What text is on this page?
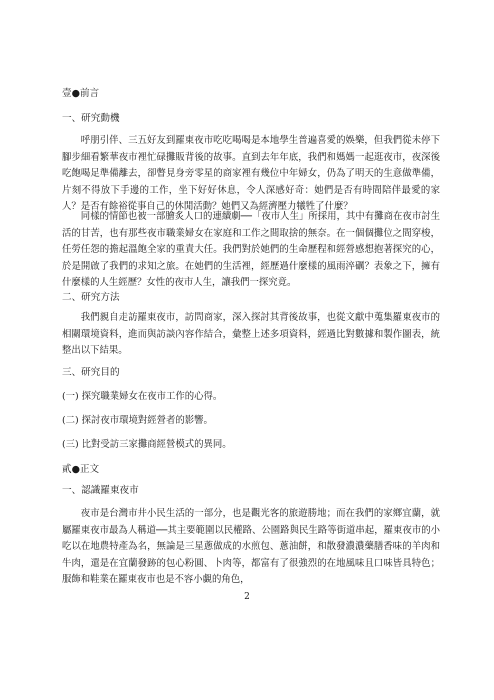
壹●前言
一、研究動機

呼朋引伴、三五好友到羅東夜市吃吃喝喝是本地學生普遍喜愛的娛樂，但我們從未停下腳步細看繁華夜市裡忙碌攤販背後的故事。直到去年年底，我們和媽媽一起逛夜市，夜深後吃飽喝足準備離去，卻瞥見身旁零星的商家裡有幾位中年婦女，仍為了明天的生意做準備，片刻不得放下手邊的工作，坐下好好休息，令人深感好奇：她們是否有時間陪伴最愛的家人？是否有餘裕從事自己的休閒活動？她們又為經濟壓力犧牲了什麼？

同樣的情節也被一部膾炙人口的連續劇──「夜市人生」所採用，其中有攤商在夜市討生活的甘苦，也有那些夜市職業婦女在家庭和工作之間取捨的無奈。在一個個攤位之間穿梭，任勞任怨的擔起溫飽全家的重責大任。我們對於她們的生命歷程和經營感想抱著探究的心，於是開啟了我們的求知之旅。在她們的生活裡，經歷過什麼樣的風雨淬礪？表象之下，擁有什麼樣的人生經歷？女性的夜市人生，讓我們一探究竟。

二、研究方法

我們親自走訪羅東夜市，訪問商家，深入探討其背後故事，也從文獻中蒐集羅東夜市的相關環境資料，進而與訪談內容作結合，彙整上述多項資料，經過比對數據和製作圖表，統整出以下結果。

三、研究目的
(一) 探究職業婦女在夜市工作的心得。
(二) 探討夜市環境對經營者的影響。
(三) 比對受訪三家攤商經營模式的異同。
貳●正文
一、認識羅東夜市

夜市是台灣市井小民生活的一部分，也是觀光客的旅遊勝地；而在我們的家鄉宜蘭，就屬羅東夜市最為人稱道──其主要範圍以民權路、公園路與民生路等街道串起，羅東夜市的小吃以在地農特產為名，無論是三星蔥做成的水煎包、蔥油餅，和散發濃濃藥膳香味的羊肉和牛肉，還是在宜蘭發跡的包心粉圓、卜肉等，都富有了很強烈的在地風味且口味皆具特色；服飾和鞋業在羅東夜市也是不容小覷的角色，

2
